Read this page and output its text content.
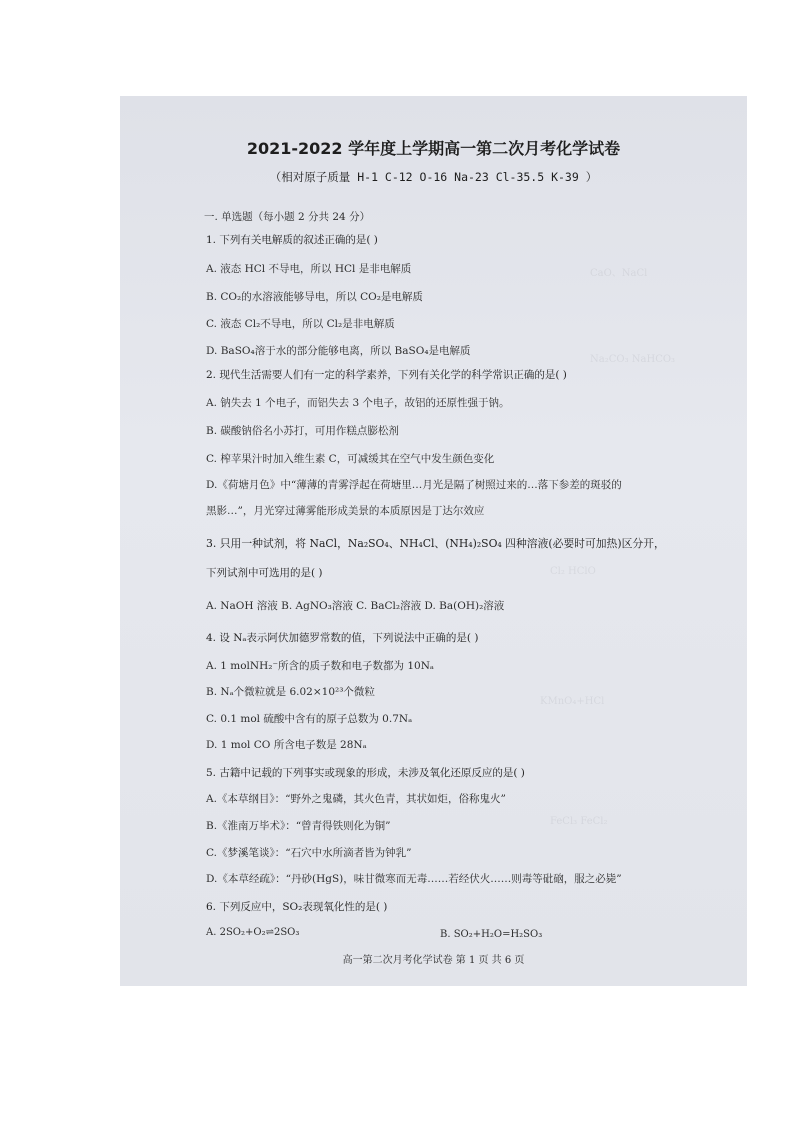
CaO、NaCl
Na₂CO₃ NaHCO₃
Cl₂ HClO
KMnO₄+HCl
FeCl₃ FeCl₂
2021-2022 学年度上学期高一第二次月考化学试卷
（相对原子质量 H-1 C-12 O-16 Na-23 Cl-35.5 K-39 ）
一. 单选题（每小题 2 分共 24 分）
1. 下列有关电解质的叙述正确的是( )
A. 液态 HCl 不导电，所以 HCl 是非电解质
B. CO₂的水溶液能够导电，所以 CO₂是电解质
C. 液态 Cl₂不导电，所以 Cl₂是非电解质
D. BaSO₄溶于水的部分能够电离，所以 BaSO₄是电解质
2. 现代生活需要人们有一定的科学素养，下列有关化学的科学常识正确的是( )
A. 钠失去 1 个电子，而铝失去 3 个电子，故铝的还原性强于钠。
B. 碳酸钠俗名小苏打，可用作糕点膨松剂
C. 榨苹果汁时加入维生素 C，可减缓其在空气中发生颜色变化
D.《荷塘月色》中“薄薄的青雾浮起在荷塘里…月光是隔了树照过来的…落下参差的斑驳的
黑影…”，月光穿过薄雾能形成美景的本质原因是丁达尔效应
3. 只用一种试剂，将 NaCl，Na₂SO₄、NH₄Cl、(NH₄)₂SO₄ 四种溶液(必要时可加热)区分开，
下列试剂中可选用的是( )
A. NaOH 溶液 B. AgNO₃溶液 C. BaCl₂溶液 D. Ba(OH)₂溶液
4. 设 Nₐ表示阿伏加德罗常数的值，下列说法中正确的是( )
A. 1 molNH₂⁻所含的质子数和电子数都为 10Nₐ
B. Nₐ个微粒就是 6.02×10²³个微粒
C. 0.1 mol 硫酸中含有的原子总数为 0.7Nₐ
D. 1 mol CO 所含电子数是 28Nₐ
5. 古籍中记载的下列事实或现象的形成，未涉及氧化还原反应的是( )
A.《本草纲目》：“野外之鬼磷，其火色青，其状如炬，俗称鬼火”
B.《淮南万毕术》：“曾青得铁则化为铜”
C.《梦溪笔谈》：“石穴中水所滴者皆为钟乳”
D.《本草经疏》：“丹砂(HgS)，味甘微寒而无毒……若经伏火……则毒等砒硇，服之必毙”
6. 下列反应中，SO₂表现氧化性的是( )
A. 2SO₂+O₂⇌2SO₃	B. SO₂+H₂O=H₂SO₃
高一第二次月考化学试卷 第 1 页 共 6 页
